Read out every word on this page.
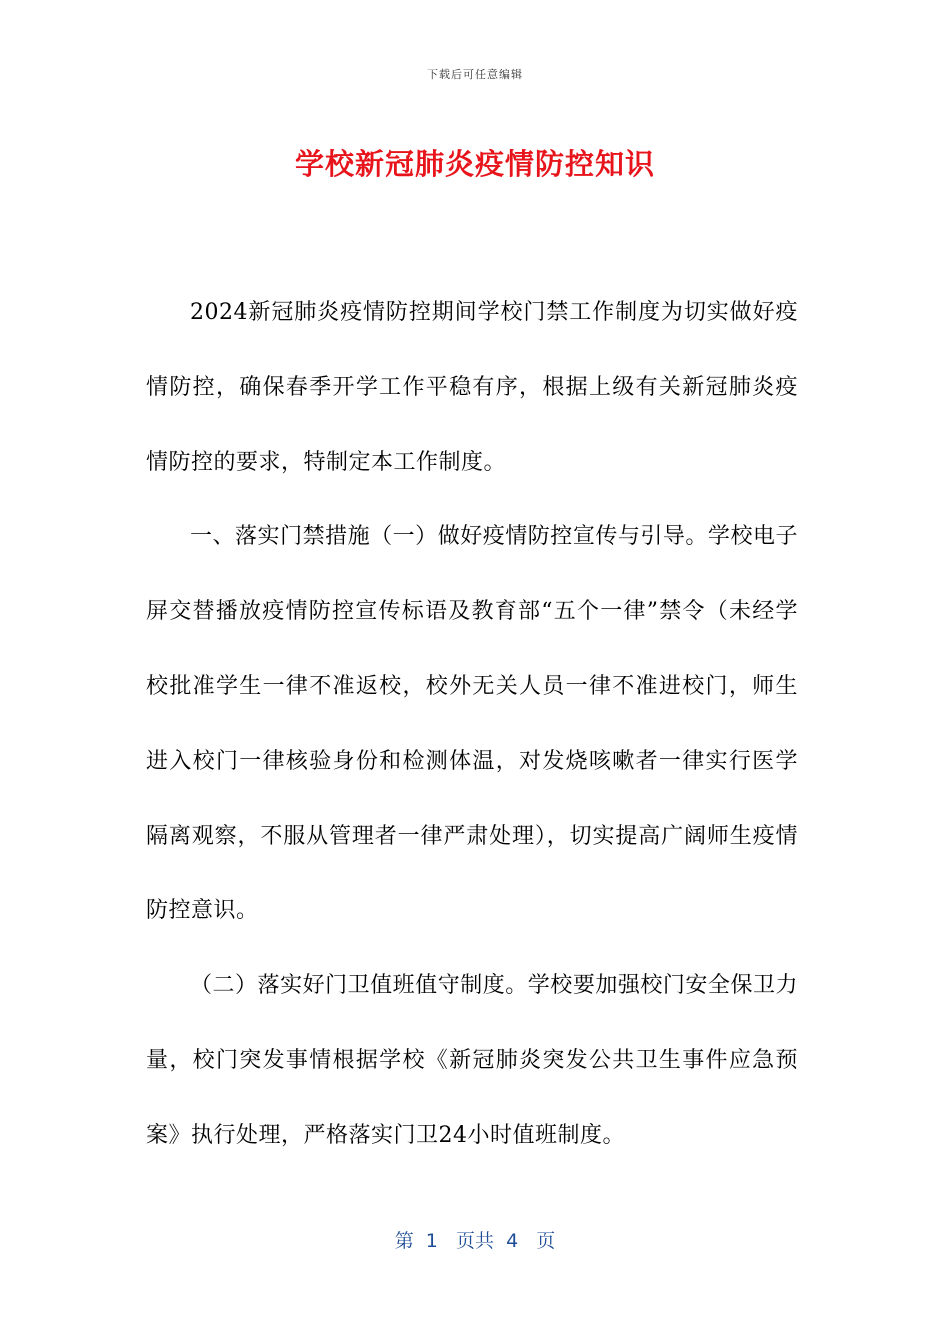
下载后可任意编辑
学校新冠肺炎疫情防控知识

2024新冠肺炎疫情防控期间学校门禁工作制度为切实做好疫情防控，确保春季开学工作平稳有序，根据上级有关新冠肺炎疫情防控的要求，特制定本工作制度。

一、落实门禁措施（一）做好疫情防控宣传与引导。学校电子屏交替播放疫情防控宣传标语及教育部“五个一律”禁令（未经学校批准学生一律不准返校，校外无关人员一律不准进校门，师生进入校门一律核验身份和检测体温，对发烧咳嗽者一律实行医学隔离观察，不服从管理者一律严肃处理），切实提高广阔师生疫情防控意识。

（二）落实好门卫值班值守制度。学校要加强校门安全保卫力量，校门突发事情根据学校《新冠肺炎突发公共卫生事件应急预案》执行处理，严格落实门卫24小时值班制度。

第  1   页共  4   页
